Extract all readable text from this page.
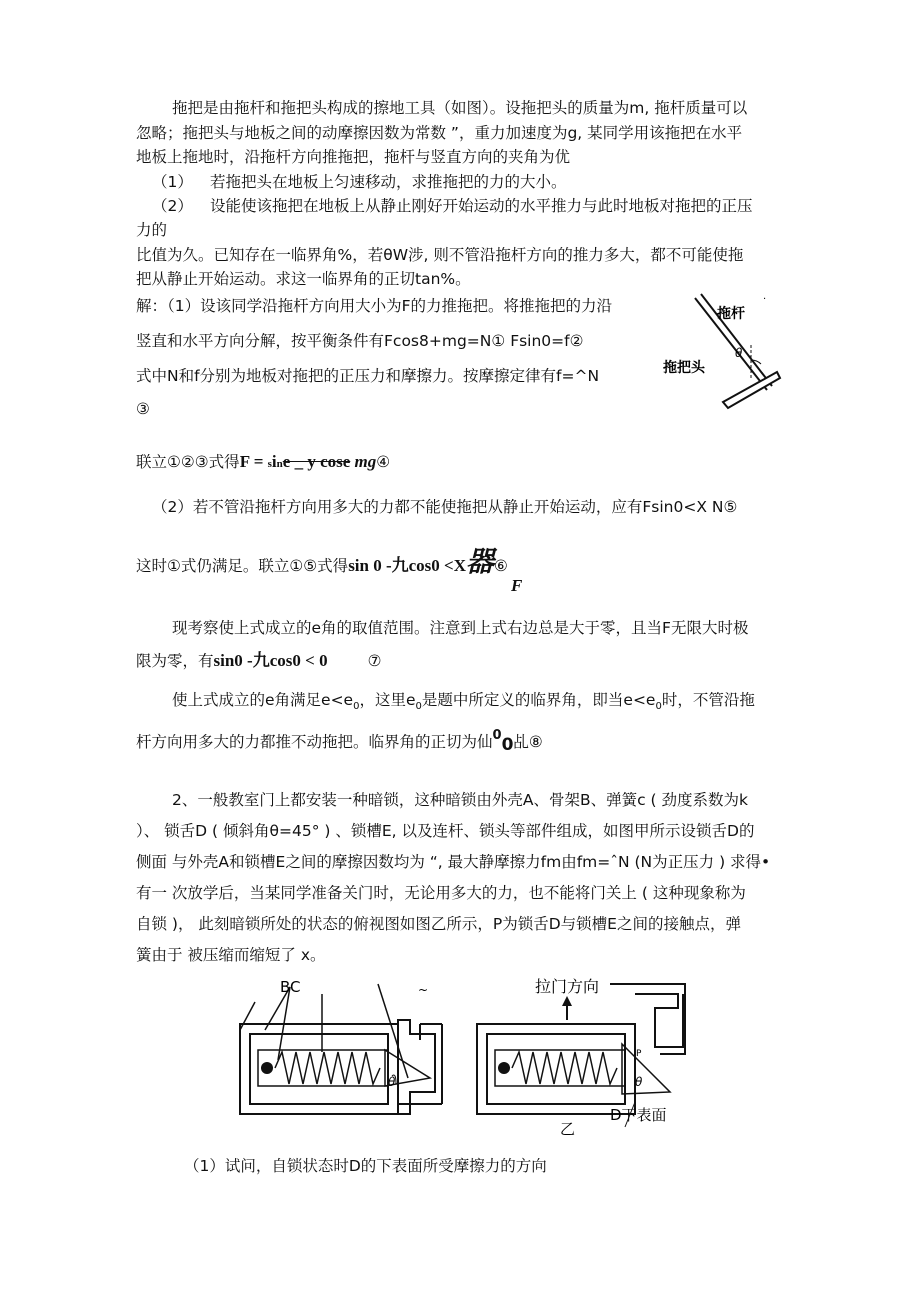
拖把是由拖杆和拖把头构成的擦地工具（如图）。设拖把头的质量为m, 拖杆质量可以
忽略；拖把头与地板之间的动摩擦因数为常数 ”，重力加速度为g, 某同学用该拖把在水平
地板上拖地时，沿拖杆方向推拖把，拖杆与竖直方向的夹角为优
（1） 若拖把头在地板上匀速移动，求推拖把的力的大小。
（2） 设能使该拖把在地板上从静止刚好开始运动的水平推力与此时地板对拖把的正压
力的
比值为久。已知存在一临界角%，若θW涉, 则不管沿拖杆方向的推力多大，都不可能使拖
把从静止开始运动。求这一临界角的正切tan%。
解：（1）设该同学沿拖杆方向用大小为F的力推拖把。将推拖把的力沿
竖直和水平方向分解，按平衡条件有Fcos8+mg=N① Fsin0=f②
式中N和f分别为地板对拖把的正压力和摩擦力。按摩擦定律有f=^N
③
拖杆
拖把头
θ
·
联立①②③式得F = sine _ y cose mg④
（2）若不管沿拖杆方向用多大的力都不能使拖把从静止开始运动，应有Fsin0<X N⑤
这时①式仍满足。联立①⑤式得sin 0 -九cos0 <X器⑥
F
现考察使上式成立的e角的取值范围。注意到上式右边总是大于零，且当F无限大时极
限为零，有sin0 -九cos0 < 0	⑦
使上式成立的e角满足$e<e_0$，这里$e_0$是题中所定义的临界角，即当$e<e_0$时，不管沿拖
杆方向用多大的力都推不动拖把。临界角的正切为仙$^0$0乩⑧
2、一般教室门上都安装一种暗锁，这种暗锁由外壳A、骨架B、弹簧c ( 劲度系数为k
）、 锁舌D ( 倾斜角θ=45° ) 、锁槽E, 以及连杆、锁头等部件组成，如图甲所示设锁舌D的
侧面 与外壳A和锁槽E之间的摩擦因数均为 “, 最大静摩擦力fm由fm=ˆN (N为正压力 ) 求得•
有一 次放学后，当某同学准备关门时，无论用多大的力，也不能将门关上 ( 这种现象称为
自锁 )， 此刻暗锁所处的状态的俯视图如图乙所示，P为锁舌D与锁槽E之间的接触点，弹
簧由于 被压缩而缩短了 x。
θ
BC	~
θ
P
拉门方向
D下表面
乙
（1）试问，自锁状态时D的下表面所受摩擦力的方向
